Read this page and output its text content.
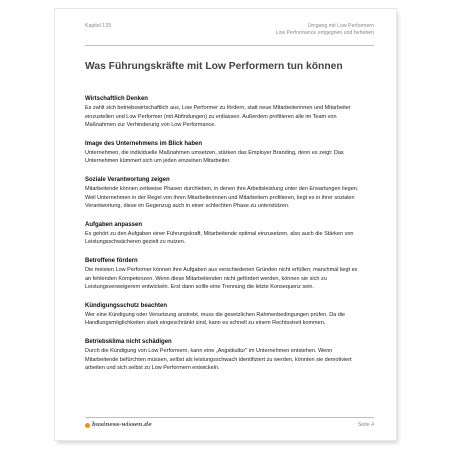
Kapitel 133	Umgang mit Low Performern
Low Performance entgegnen und beheben
Was Führungskräfte mit Low Performern tun können
Wirtschaftlich Denken

Es zahlt sich betriebswirtschaftlich aus, Low Performer zu fördern, statt neue Mitarbeiterinnen und Mitarbeiter einzustellen und Low Performer (mit Abfindungen) zu entlassen. Außerdem profitieren alle im Team von Maßnahmen zur Verhinderung von Low Performance.

Image des Unternehmens im Blick haben

Unternehmen, die individuelle Maßnahmen umsetzen, stärken das Employer Branding, denn es zeigt: Das Unternehmen kümmert sich um jeden einzelnen Mitarbeiter.

Soziale Verantwortung zeigen

Mitarbeitende können zeitweise Phasen durchleben, in denen ihre Arbeitsleistung unter den Erwartungen liegen. Weil Unternehmen in der Regel von ihren Mitarbeiterinnen und Mitarbeitern profitieren, liegt es in ihrer sozialen Verantwortung, diese im Gegenzug auch in einer schlechten Phase zu unterstützen.

Aufgaben anpassen

Es gehört zu den Aufgaben einer Führungskraft, Mitarbeitende optimal einzusetzen, also auch die Stärken von Leistungsschwächeren gezielt zu nutzen.

Betroffene fördern

Die meisten Low Performer können ihre Aufgaben aus verschiedenen Gründen nicht erfüllen; manchmal liegt es an fehlenden Kompetenzen. Wenn diese Mitarbeitenden nicht gefördert werden, können sie sich zu Leistungsverweigerern entwickeln. Erst dann sollte eine Trennung die letzte Konsequenz sein.

Kündigungsschutz beachten

Wer eine Kündigung oder Versetzung anstrebt, muss die gesetzlichen Rahmenbedingungen prüfen. Da die Handlungsmöglichkeiten stark eingeschränkt sind, kann es schnell zu einem Rechtsstreit kommen.

Betriebsklima nicht schädigen

Durch die Kündigung von Low Performern, kann eine „Angstkultur" im Unternehmen entstehen. Wenn Mitarbeitende befürchten müssen, selbst als leistungsschwach identifiziert zu werden, könnten sie demotiviert arbeiten und sich selbst zu Low Performern entwickeln.

business-wissen.de	Seite 4
